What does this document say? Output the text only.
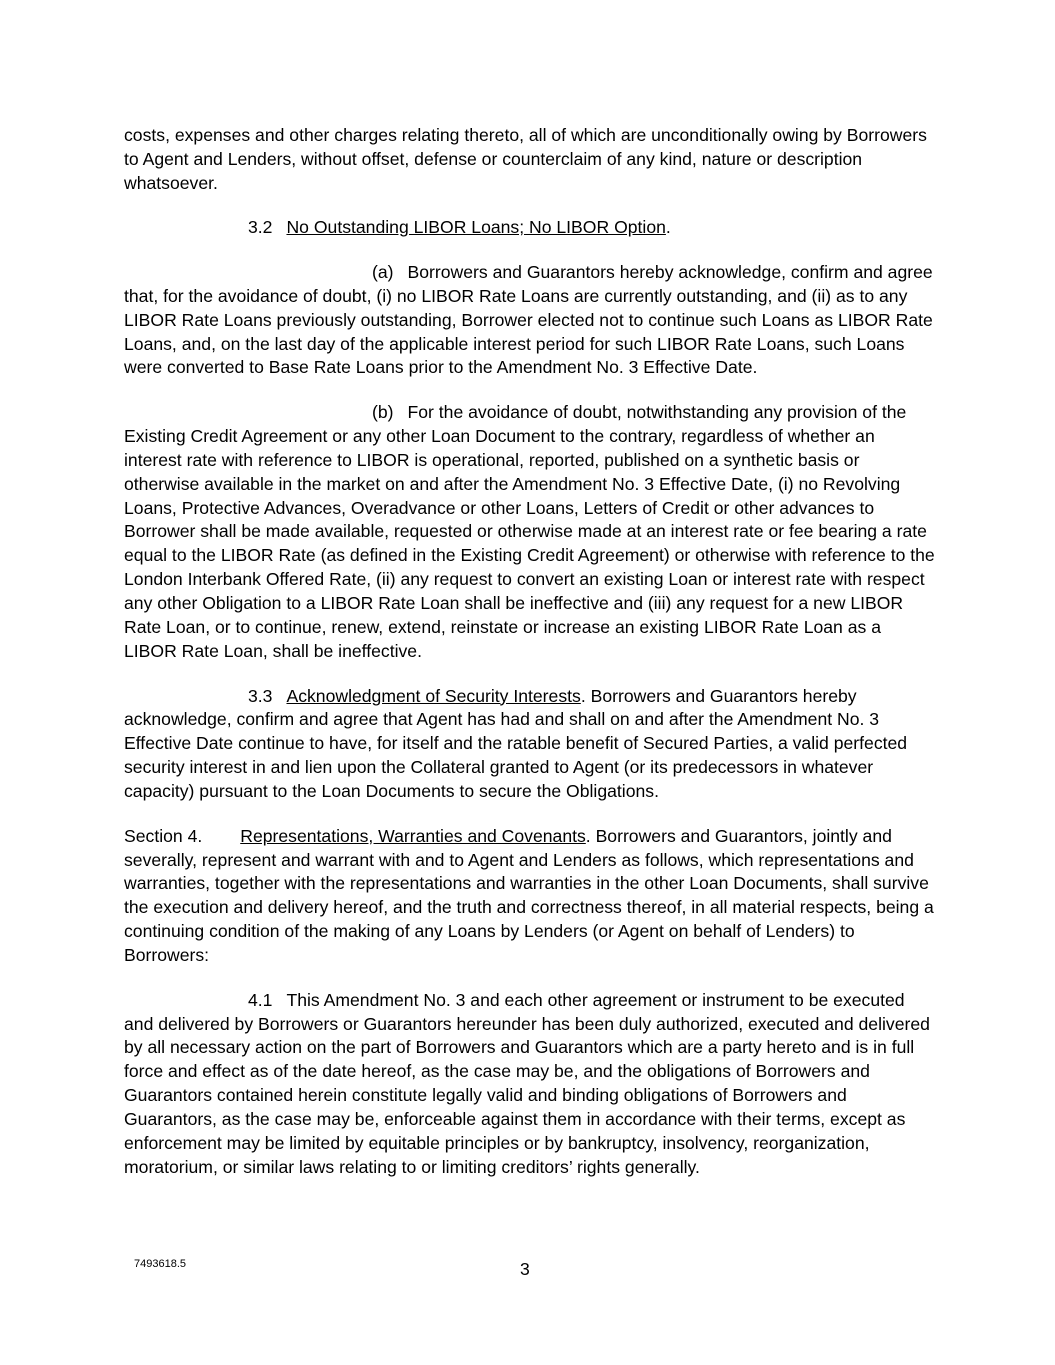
costs, expenses and other charges relating thereto, all of which are unconditionally owing by Borrowers to Agent and Lenders, without offset, defense or counterclaim of any kind, nature or description whatsoever.

3.2 No Outstanding LIBOR Loans; No LIBOR Option.

(a) Borrowers and Guarantors hereby acknowledge, confirm and agree that, for the avoidance of doubt, (i) no LIBOR Rate Loans are currently outstanding, and (ii) as to any LIBOR Rate Loans previously outstanding, Borrower elected not to continue such Loans as LIBOR Rate Loans, and, on the last day of the applicable interest period for such LIBOR Rate Loans, such Loans were converted to Base Rate Loans prior to the Amendment No. 3 Effective Date.

(b) For the avoidance of doubt, notwithstanding any provision of the Existing Credit Agreement or any other Loan Document to the contrary, regardless of whether an interest rate with reference to LIBOR is operational, reported, published on a synthetic basis or otherwise available in the market on and after the Amendment No. 3 Effective Date, (i) no Revolving Loans, Protective Advances, Overadvance or other Loans, Letters of Credit or other advances to Borrower shall be made available, requested or otherwise made at an interest rate or fee bearing a rate equal to the LIBOR Rate (as defined in the Existing Credit Agreement) or otherwise with reference to the London Interbank Offered Rate, (ii) any request to convert an existing Loan or interest rate with respect any other Obligation to a LIBOR Rate Loan shall be ineffective and (iii) any request for a new LIBOR Rate Loan, or to continue, renew, extend, reinstate or increase an existing LIBOR Rate Loan as a LIBOR Rate Loan, shall be ineffective.

3.3 Acknowledgment of Security Interests. Borrowers and Guarantors hereby acknowledge, confirm and agree that Agent has had and shall on and after the Amendment No. 3 Effective Date continue to have, for itself and the ratable benefit of Secured Parties, a valid perfected security interest in and lien upon the Collateral granted to Agent (or its predecessors in whatever capacity) pursuant to the Loan Documents to secure the Obligations.

Section 4. Representations, Warranties and Covenants. Borrowers and Guarantors, jointly and severally, represent and warrant with and to Agent and Lenders as follows, which representations and warranties, together with the representations and warranties in the other Loan Documents, shall survive the execution and delivery hereof, and the truth and correctness thereof, in all material respects, being a continuing condition of the making of any Loans by Lenders (or Agent on behalf of Lenders) to Borrowers:

4.1 This Amendment No. 3 and each other agreement or instrument to be executed and delivered by Borrowers or Guarantors hereunder has been duly authorized, executed and delivered by all necessary action on the part of Borrowers and Guarantors which are a party hereto and is in full force and effect as of the date hereof, as the case may be, and the obligations of Borrowers and Guarantors contained herein constitute legally valid and binding obligations of Borrowers and Guarantors, as the case may be, enforceable against them in accordance with their terms, except as enforcement may be limited by equitable principles or by bankruptcy, insolvency, reorganization, moratorium, or similar laws relating to or limiting creditors’ rights generally.

7493618.5	3
